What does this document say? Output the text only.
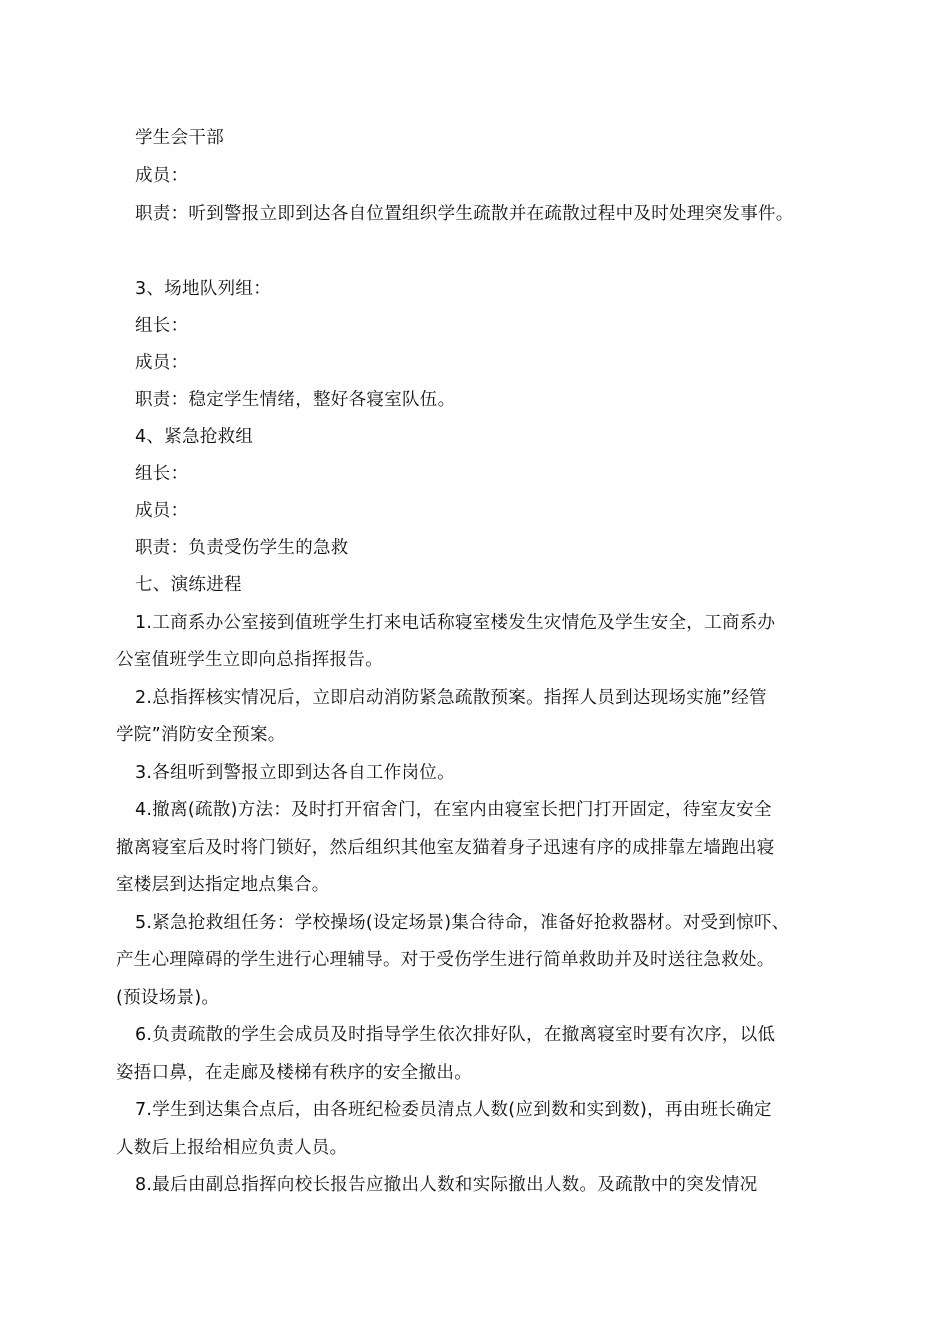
学生会干部
成员：
职责：听到警报立即到达各自位置组织学生疏散并在疏散过程中及时处理突发事件。
3、场地队列组：
组长：
成员：
职责：稳定学生情绪，整好各寝室队伍。
4、紧急抢救组
组长：
成员：
职责：负责受伤学生的急救
七、演练进程
1.工商系办公室接到值班学生打来电话称寝室楼发生灾情危及学生安全，工商系办
公室值班学生立即向总指挥报告。
2.总指挥核实情况后，立即启动消防紧急疏散预案。指挥人员到达现场实施”经管
学院”消防安全预案。
3.各组听到警报立即到达各自工作岗位。
4.撤离(疏散)方法：及时打开宿舍门，在室内由寝室长把门打开固定，待室友安全
撤离寝室后及时将门锁好，然后组织其他室友猫着身子迅速有序的成排靠左墙跑出寝
室楼层到达指定地点集合。
5.紧急抢救组任务：学校操场(设定场景)集合待命，准备好抢救器材。对受到惊吓、
产生心理障碍的学生进行心理辅导。对于受伤学生进行简单救助并及时送往急救处。
(预设场景)。
6.负责疏散的学生会成员及时指导学生依次排好队，在撤离寝室时要有次序，以低
姿捂口鼻，在走廊及楼梯有秩序的安全撤出。
7.学生到达集合点后，由各班纪检委员清点人数(应到数和实到数)，再由班长确定
人数后上报给相应负责人员。
8.最后由副总指挥向校长报告应撤出人数和实际撤出人数。及疏散中的突发情况
